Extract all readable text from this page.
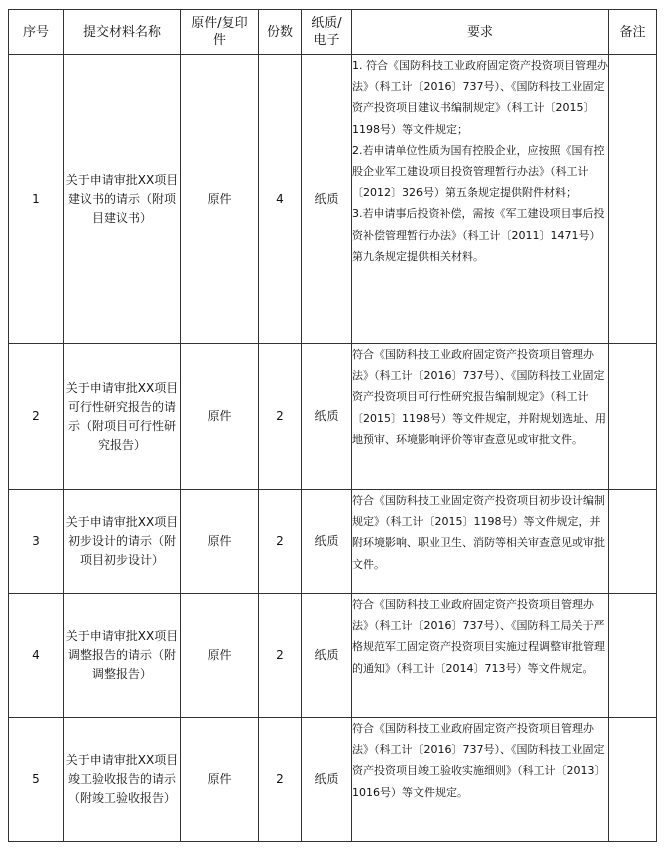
序号	提交材料名称	原件/复印件	份数	纸质/电子	要求	备注
1	关于申请审批XX项目建议书的请示（附项目建议书）	原件	4	纸质	1. 符合《国防科技工业政府固定资产投资项目管理办法》（科工计〔2016〕737号）、《国防科技工业固定资产投资项目建议书编制规定》（科工计〔2015〕1198号）等文件规定；
2.若申请单位性质为国有控股企业，应按照《国有控股企业军工建设项目投资管理暂行办法》（科工计〔2012〕326号）第五条规定提供附件材料；
3.若申请事后投资补偿，需按《军工建设项目事后投资补偿管理暂行办法》（科工计〔2011〕1471号）第九条规定提供相关材料。	

2	关于申请审批XX项目可行性研究报告的请示（附项目可行性研究报告）	原件	2	纸质	符合《国防科技工业政府固定资产投资项目管理办法》（科工计〔2016〕737号）、《国防科技工业固定资产投资项目可行性研究报告编制规定》（科工计〔2015〕1198号）等文件规定，并附规划选址、用地预审、环境影响评价等审查意见或审批文件。	

3	关于申请审批XX项目初步设计的请示（附项目初步设计）	原件	2	纸质	符合《国防科技工业固定资产投资项目初步设计编制规定》（科工计〔2015〕1198号）等文件规定，并附环境影响、职业卫生、消防等相关审查意见或审批文件。	

4	关于申请审批XX项目调整报告的请示（附调整报告）	原件	2	纸质	符合《国防科技工业政府固定资产投资项目管理办法》（科工计〔2016〕737号）、《国防科工局关于严格规范军工固定资产投资项目实施过程调整审批管理的通知》（科工计〔2014〕713号）等文件规定。	

5	关于申请审批XX项目竣工验收报告的请示（附竣工验收报告）	原件	2	纸质	符合《国防科技工业政府固定资产投资项目管理办法》（科工计〔2016〕737号）、《国防科技工业固定资产投资项目竣工验收实施细则》（科工计〔2013〕1016号）等文件规定。	
